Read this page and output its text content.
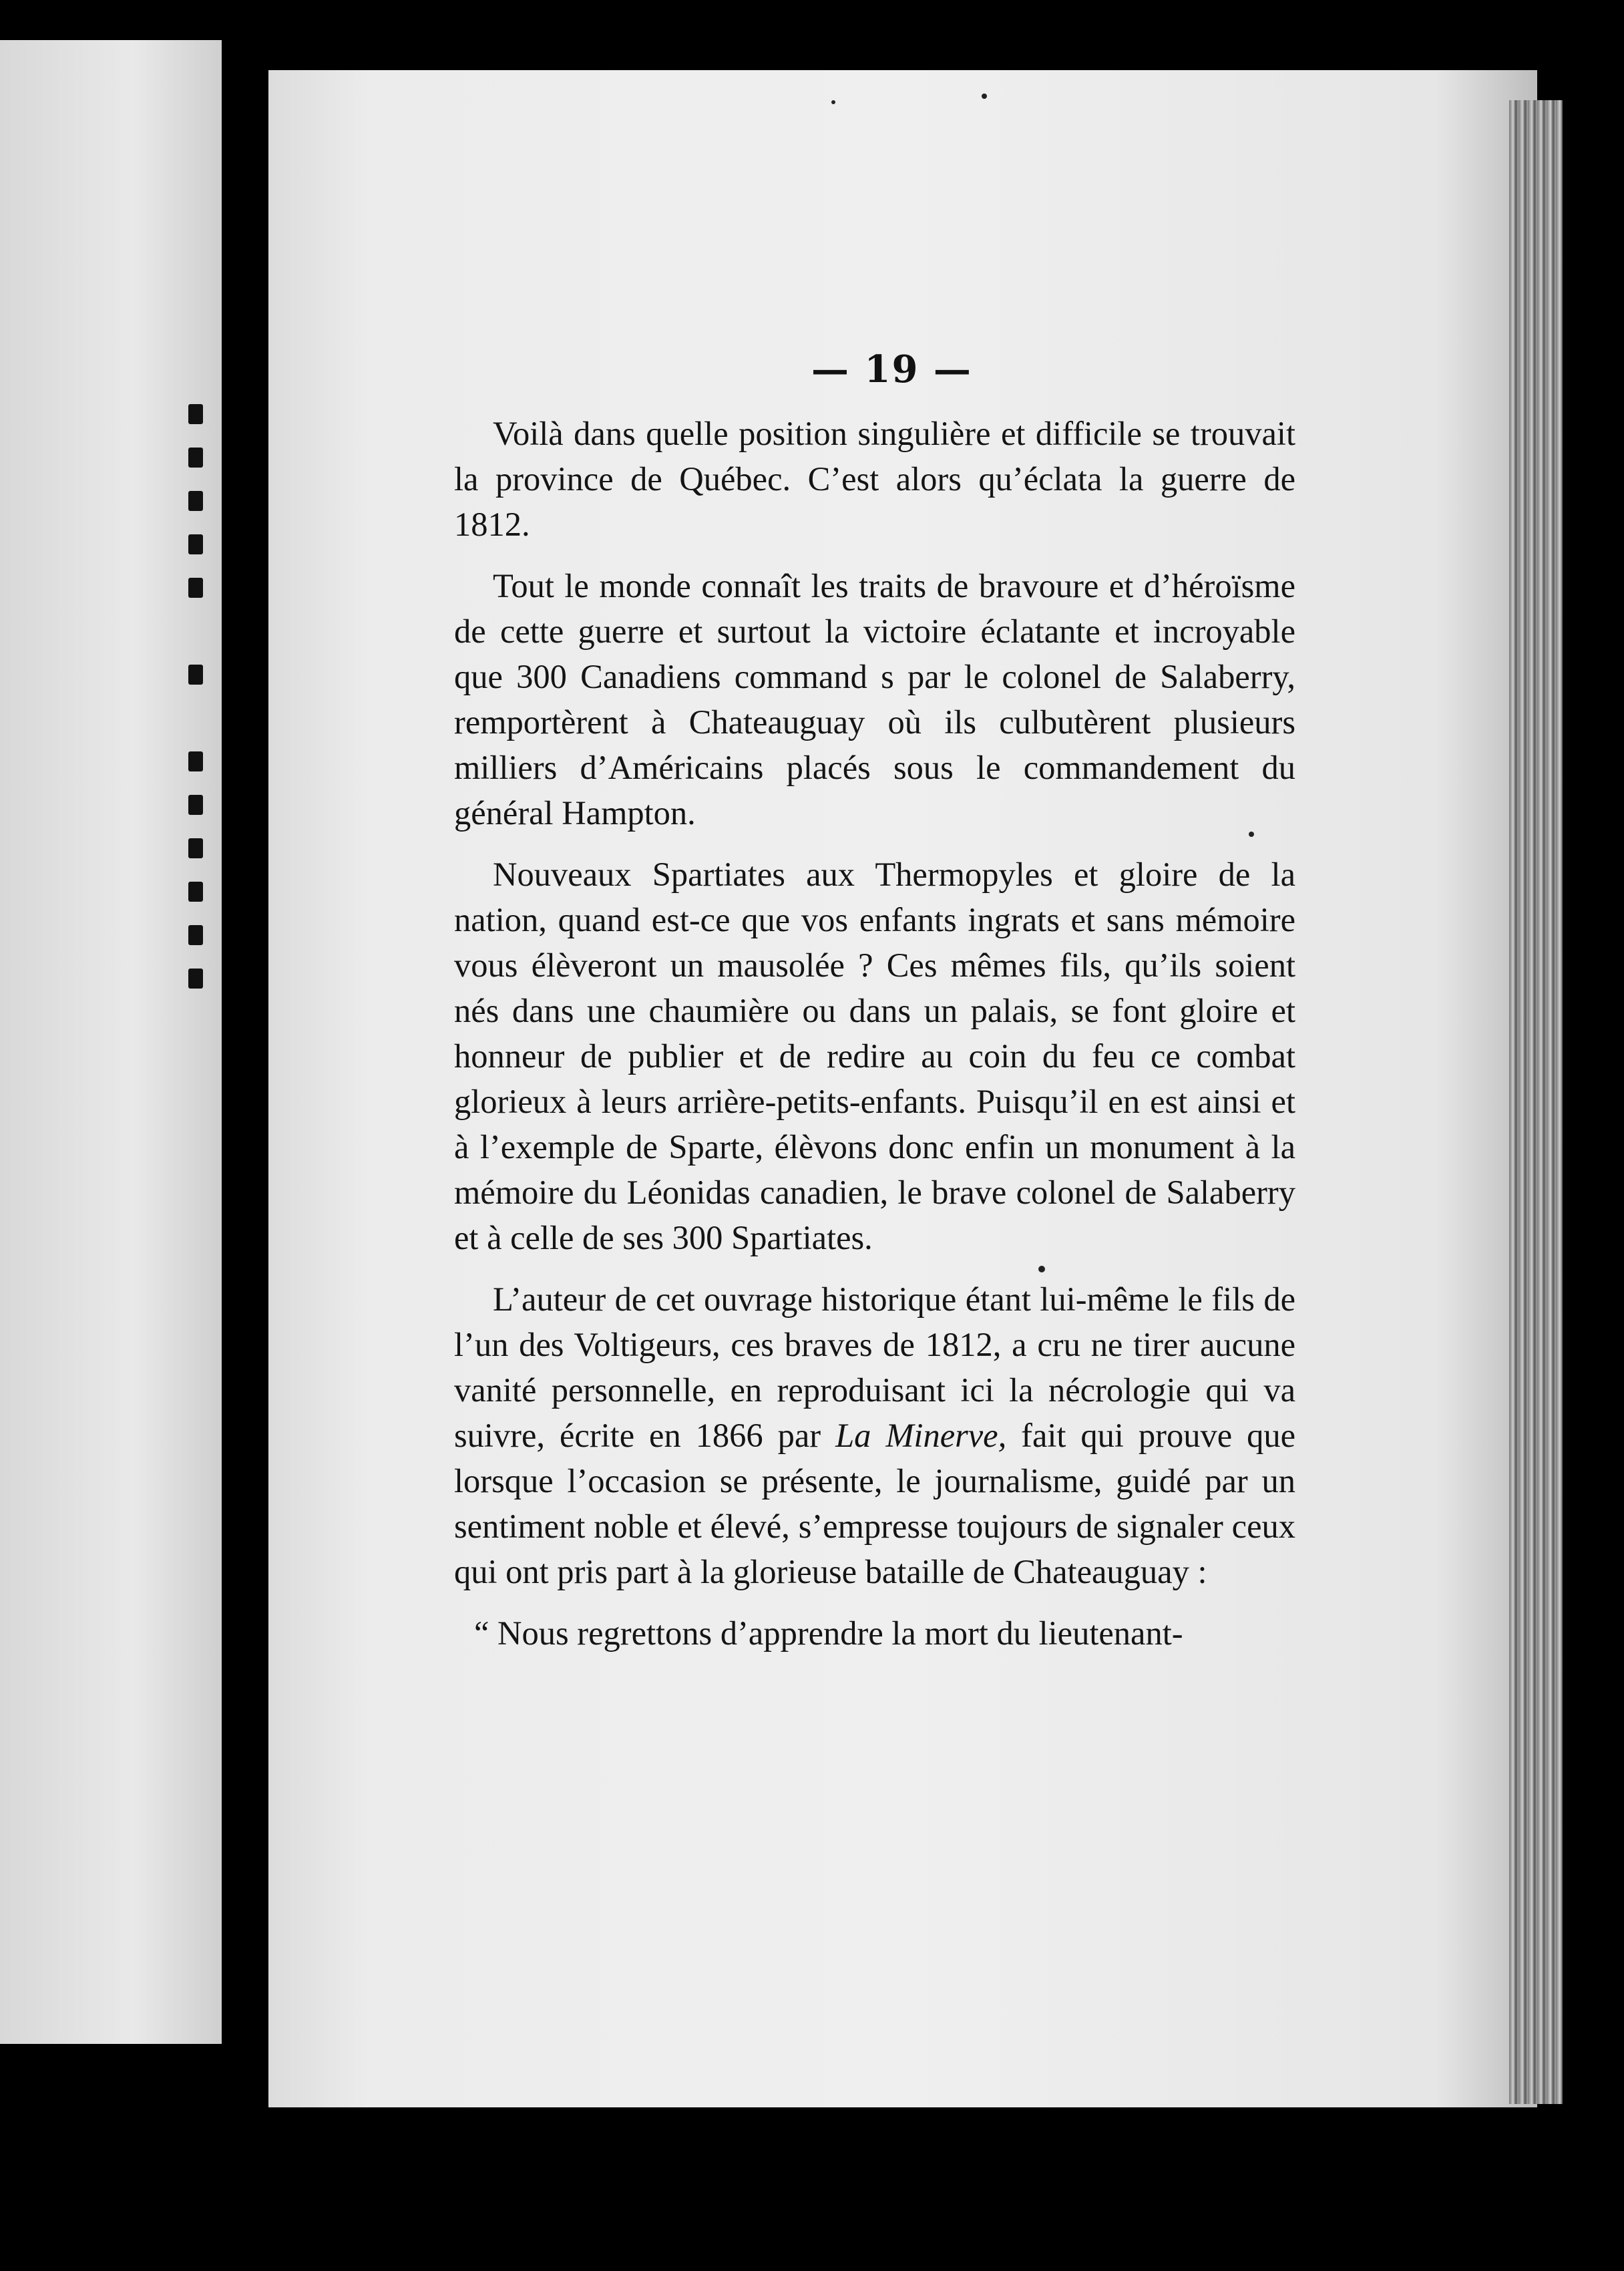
— 19 —

Voilà dans quelle position singulière et difficile se trouvait la province de Québec. C’est alors qu’éclata la guerre de 1812.

Tout le monde connaît les traits de bravoure et d’héroïsme de cette guerre et surtout la victoire éclatante et incroyable que 300 Canadiens command s par le colonel de Salaberry, remportèrent à Chateauguay où ils culbutèrent plusieurs milliers d’Américains placés sous le commandement du général Hampton.

Nouveaux Spartiates aux Thermopyles et gloire de la nation, quand est-ce que vos enfants ingrats et sans mémoire vous élèveront un mausolée ? Ces mêmes fils, qu’ils soient nés dans une chaumière ou dans un palais, se font gloire et honneur de publier et de redire au coin du feu ce combat glorieux à leurs arrière-petits-enfants. Puisqu’il en est ainsi et à l’exemple de Sparte, élèvons donc enfin un monument à la mémoire du Léonidas canadien, le brave colonel de Salaberry et à celle de ses 300 Spartiates.

L’auteur de cet ouvrage historique étant lui-même le fils de l’un des Voltigeurs, ces braves de 1812, a cru ne tirer aucune vanité personnelle, en reproduisant ici la nécrologie qui va suivre, écrite en 1866 par La Minerve, fait qui prouve que lorsque l’occasion se présente, le journalisme, guidé par un sentiment noble et élevé, s’empresse toujours de signaler ceux qui ont pris part à la glorieuse bataille de Chateauguay :

“ Nous regrettons d’apprendre la mort du lieutenant-
